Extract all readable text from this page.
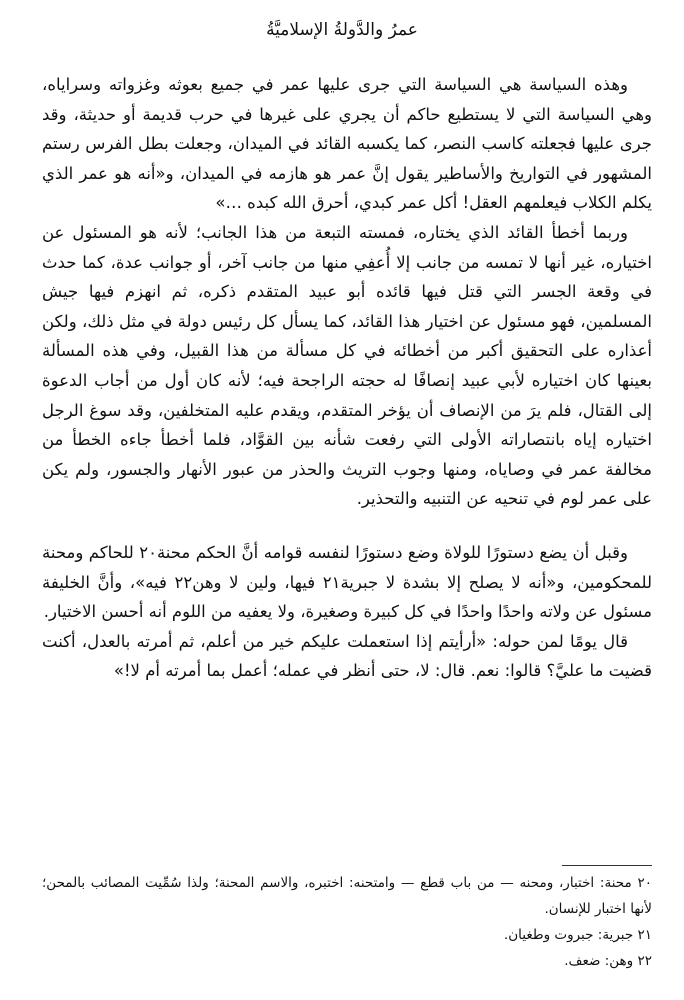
عمرُ والدَّولةُ الإسلاميَّةُ

وهذه السياسة هي السياسة التي جرى عليها عمر في جميع بعوثه وغزواته وسراياه، وهي السياسة التي لا يستطيع حاكم أن يجري على غيرها في حرب قديمة أو حديثة، وقد جرى عليها فجعلته كاسب النصر، كما يكسبه القائد في الميدان، وجعلت بطل الفرس رستم المشهور في التواريخ والأساطير يقول إنَّ عمر هو هازمه في الميدان، و«أنه هو عمر الذي يكلم الكلاب فيعلمهم العقل! أكل عمر كبدي، أحرق الله كبده …»

وربما أخطأ القائد الذي يختاره، فمسته التبعة من هذا الجانب؛ لأنه هو المسئول عن اختياره، غير أنها لا تمسه من جانب إلا أُعفِي منها من جانب آخر، أو جوانب عدة، كما حدث في وقعة الجسر التي قتل فيها قائده أبو عبيد المتقدم ذكره، ثم انهزم فيها جيش المسلمين، فهو مسئول عن اختيار هذا القائد، كما يسأل كل رئيس دولة في مثل ذلك، ولكن أعذاره على التحقيق أكبر من أخطائه في كل مسألة من هذا القبيل، وفي هذه المسألة بعينها كان اختياره لأبي عبيد إنصافًا له حجته الراجحة فيه؛ لأنه كان أول من أجاب الدعوة إلى القتال، فلم يرَ من الإنصاف أن يؤخر المتقدم، ويقدم عليه المتخلفين، وقد سوغ الرجل اختياره إياه بانتصاراته الأولى التي رفعت شأنه بين القوَّاد، فلما أخطأ جاءه الخطأ من مخالفة عمر في وصاياه، ومنها وجوب التريث والحذر من عبور الأنهار والجسور، ولم يكن على عمر لوم في تنحيه عن التنبيه والتحذير.

وقبل أن يضع دستورًا للولاة وضع دستورًا لنفسه قوامه أنَّ الحكم محنة٢٠ للحاكم ومحنة للمحكومين، و«أنه لا يصلح إلا بشدة لا جبرية٢١ فيها، ولين لا وهن٢٢ فيه»، وأنَّ الخليفة مسئول عن ولاته واحدًا واحدًا في كل كبيرة وصغيرة، ولا يعفيه من اللوم أنه أحسن الاختيار.

قال يومًا لمن حوله: «أرأيتم إذا استعملت عليكم خير من أعلم، ثم أمرته بالعدل، أكنت قضيت ما عليَّ؟ قالوا: نعم. قال: لا، حتى أنظر في عمله؛ أعمل بما أمرته أم لا!»

٢٠ محنة: اختبار، ومحنه — من باب قطع — وامتحنه: اختبره، والاسم المحنة؛ ولذا سُمِّيت المصائب بالمحن؛ لأنها اختبار للإنسان.

٢١ جبرية: جبروت وطغيان.

٢٢ وهن: ضعف.
